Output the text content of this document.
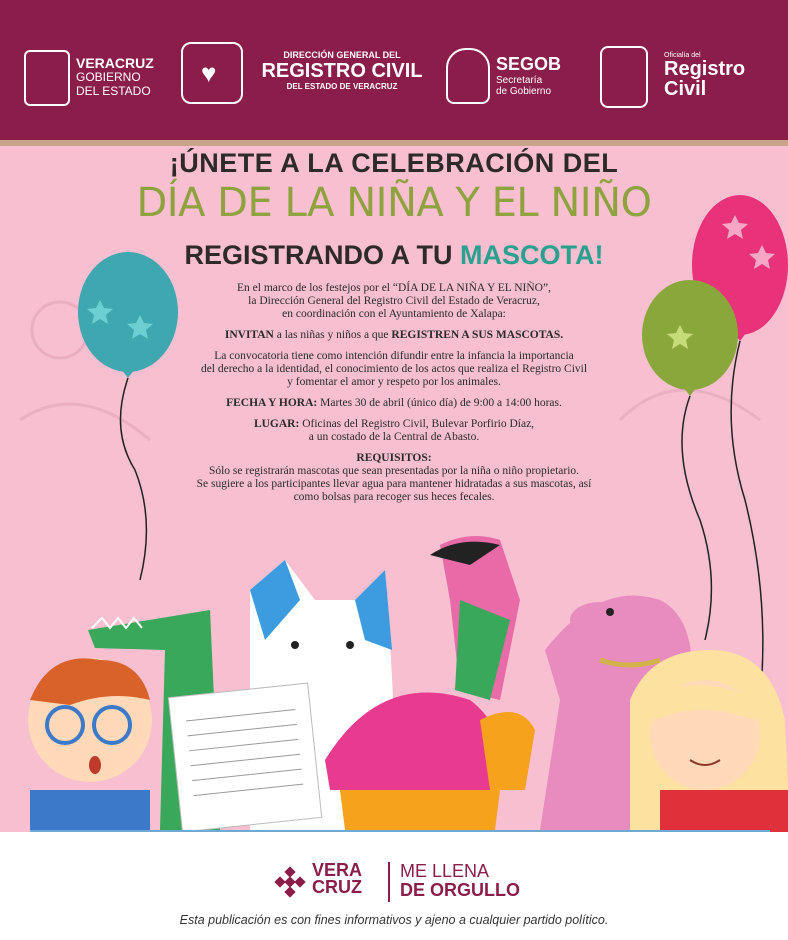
VERACRUZ
GOBIERNO
DEL ESTADO
♥
DIRECCIÓN GENERAL DEL
REGISTRO CIVIL
DEL ESTADO DE VERACRUZ
SEGOB
Secretaría
de Gobierno
Oficialía del
Registro
Civil
¡ÚNETE A LA CELEBRACIÓN DEL
DÍA DE LA NIÑA Y EL NIÑO
REGISTRANDO A TU MASCOTA!

En el marco de los festejos por el “DÍA DE LA NIÑA Y EL NIÑO”,
la Dirección General del Registro Civil del Estado de Veracruz,
en coordinación con el Ayuntamiento de Xalapa:

INVITAN a las niñas y niños a que REGISTREN A SUS MASCOTAS.

La convocatoria tiene como intención difundir entre la infancia la importancia
del derecho a la identidad, el conocimiento de los actos que realiza el Registro Civil
y fomentar el amor y respeto por los animales.

FECHA Y HORA: Martes 30 de abril (único día) de 9:00 a 14:00 horas.

LUGAR: Oficinas del Registro Civil, Bulevar Porfirio Díaz,
a un costado de la Central de Abasto.

REQUISITOS:
Sólo se registrarán mascotas que sean presentadas por la niña o niño propietario.
Se sugiere a los participantes llevar agua para mantener hidratadas a sus mascotas, así
como bolsas para recoger sus heces fecales.

VERA
CRUZ
ME LLENA
DE ORGULLO
Esta publicación es con fines informativos y ajeno a cualquier partido político.
